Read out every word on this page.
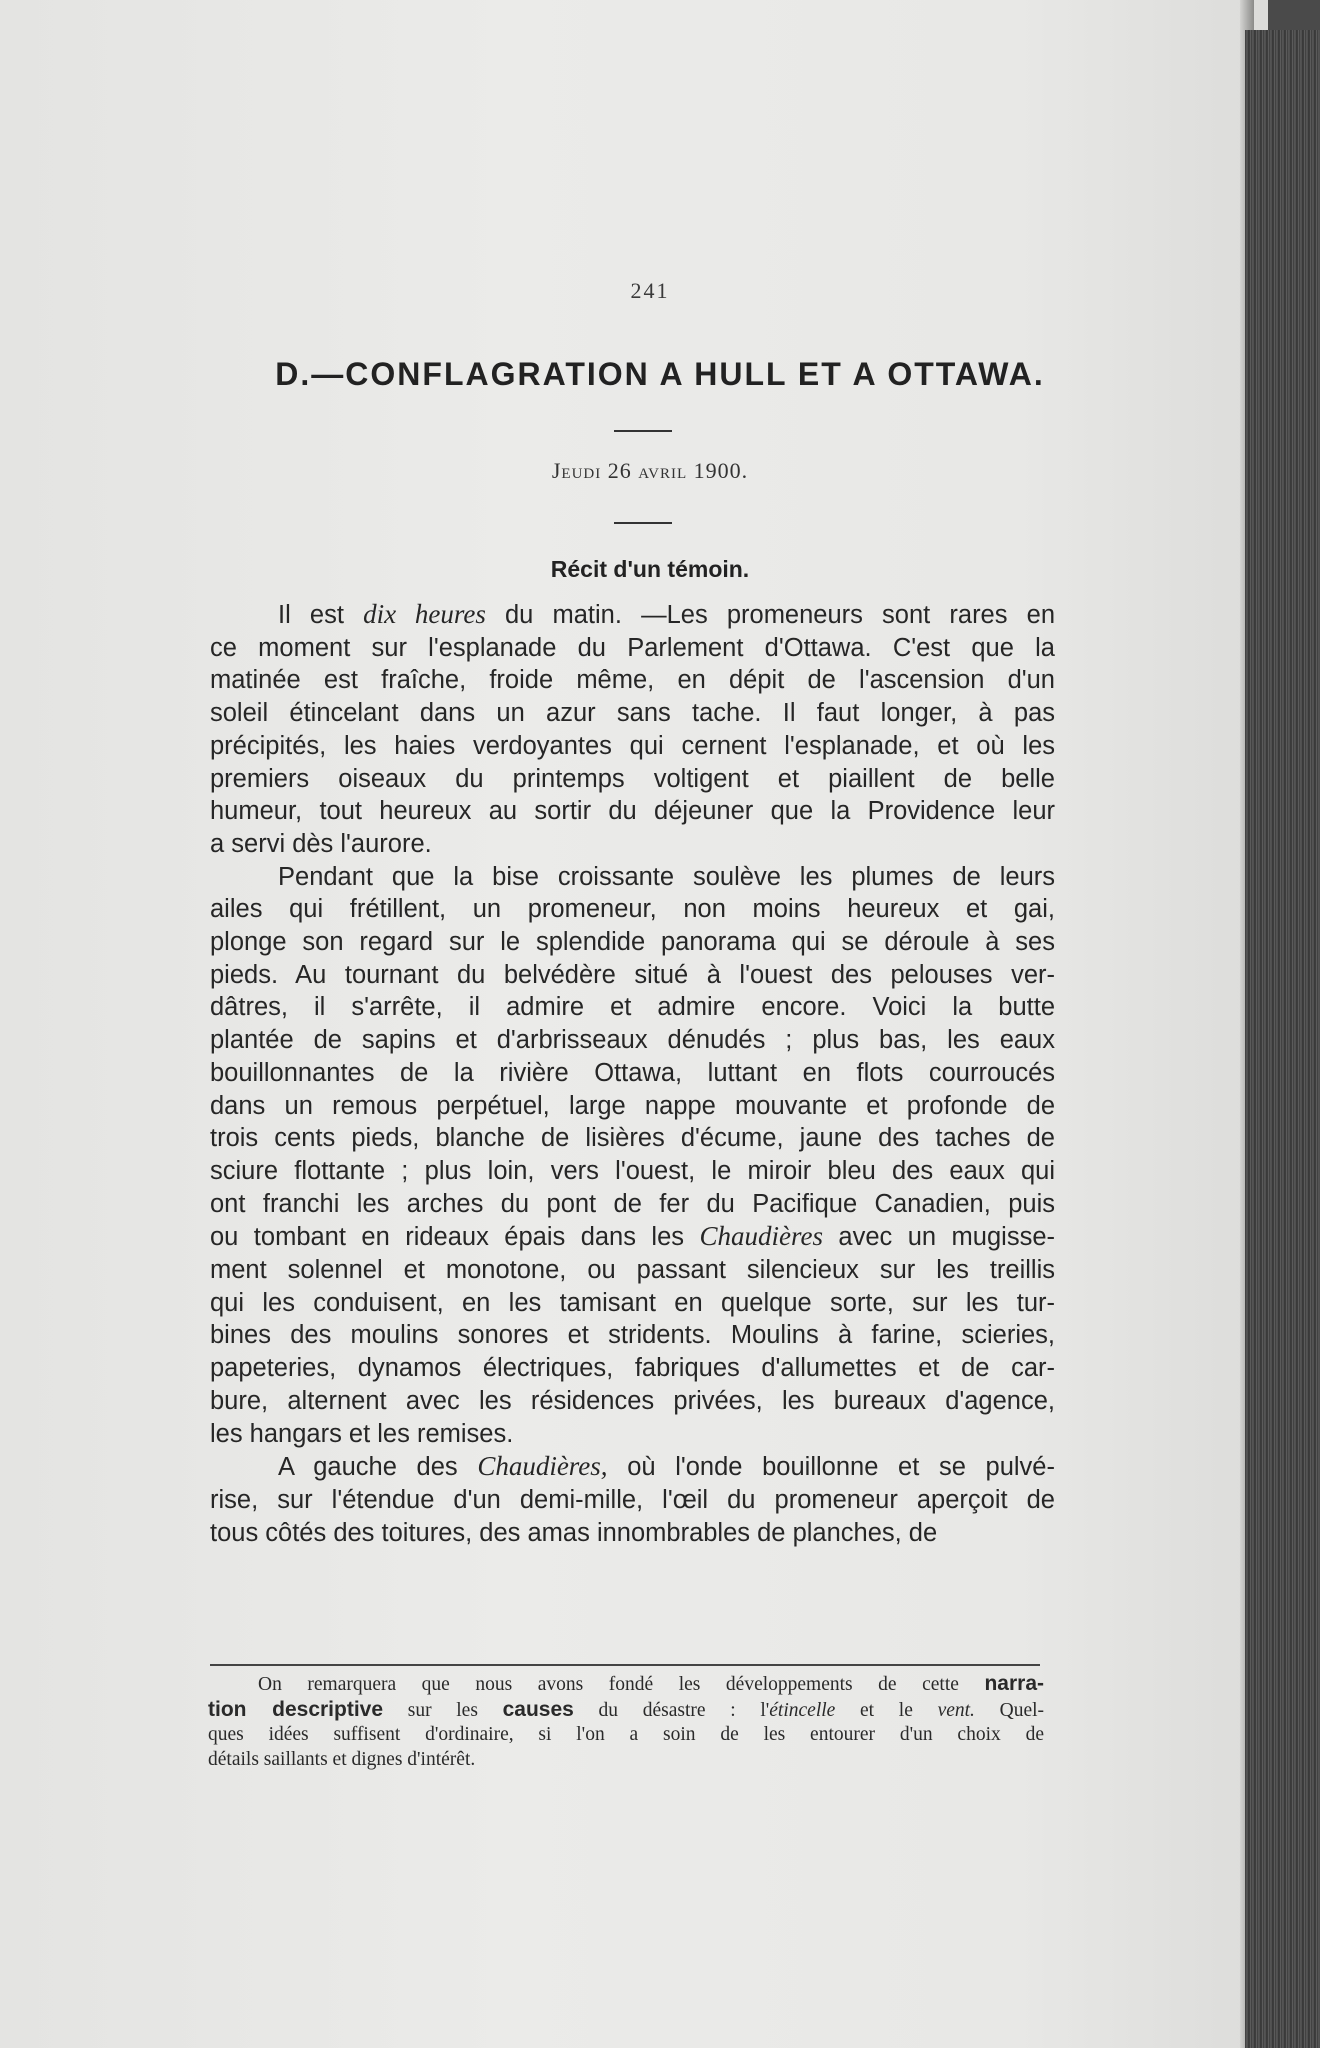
241
D.—CONFLAGRATION A HULL ET A OTTAWA.
Jeudi 26 avril 1900.
Récit d'un témoin.
Il est dix heures du matin. —Les promeneurs sont rares en
ce moment sur l'esplanade du Parlement d'Ottawa. C'est que la
matinée est fraîche, froide même, en dépit de l'ascension d'un
soleil étincelant dans un azur sans tache. Il faut longer, à pas
précipités, les haies verdoyantes qui cernent l'esplanade, et où les
premiers oiseaux du printemps voltigent et piaillent de belle
humeur, tout heureux au sortir du déjeuner que la Providence leur
a servi dès l'aurore.
Pendant que la bise croissante soulève les plumes de leurs
ailes qui frétillent, un promeneur, non moins heureux et gai,
plonge son regard sur le splendide panorama qui se déroule à ses
pieds. Au tournant du belvédère situé à l'ouest des pelouses ver-
dâtres, il s'arrête, il admire et admire encore. Voici la butte
plantée de sapins et d'arbrisseaux dénudés ; plus bas, les eaux
bouillonnantes de la rivière Ottawa, luttant en flots courroucés
dans un remous perpétuel, large nappe mouvante et profonde de
trois cents pieds, blanche de lisières d'écume, jaune des taches de
sciure flottante ; plus loin, vers l'ouest, le miroir bleu des eaux qui
ont franchi les arches du pont de fer du Pacifique Canadien, puis
ou tombant en rideaux épais dans les Chaudières avec un mugisse-
ment solennel et monotone, ou passant silencieux sur les treillis
qui les conduisent, en les tamisant en quelque sorte, sur les tur-
bines des moulins sonores et stridents. Moulins à farine, scieries,
papeteries, dynamos électriques, fabriques d'allumettes et de car-
bure, alternent avec les résidences privées, les bureaux d'agence,
les hangars et les remises.
A gauche des Chaudières, où l'onde bouillonne et se pulvé-
rise, sur l'étendue d'un demi-mille, l'œil du promeneur aperçoit de
tous côtés des toitures, des amas innombrables de planches, de
On remarquera que nous avons fondé les développements de cette narra-
tion descriptive sur les causes du désastre : l'étincelle et le vent. Quel-
ques idées suffisent d'ordinaire, si l'on a soin de les entourer d'un choix de
détails saillants et dignes d'intérêt.
